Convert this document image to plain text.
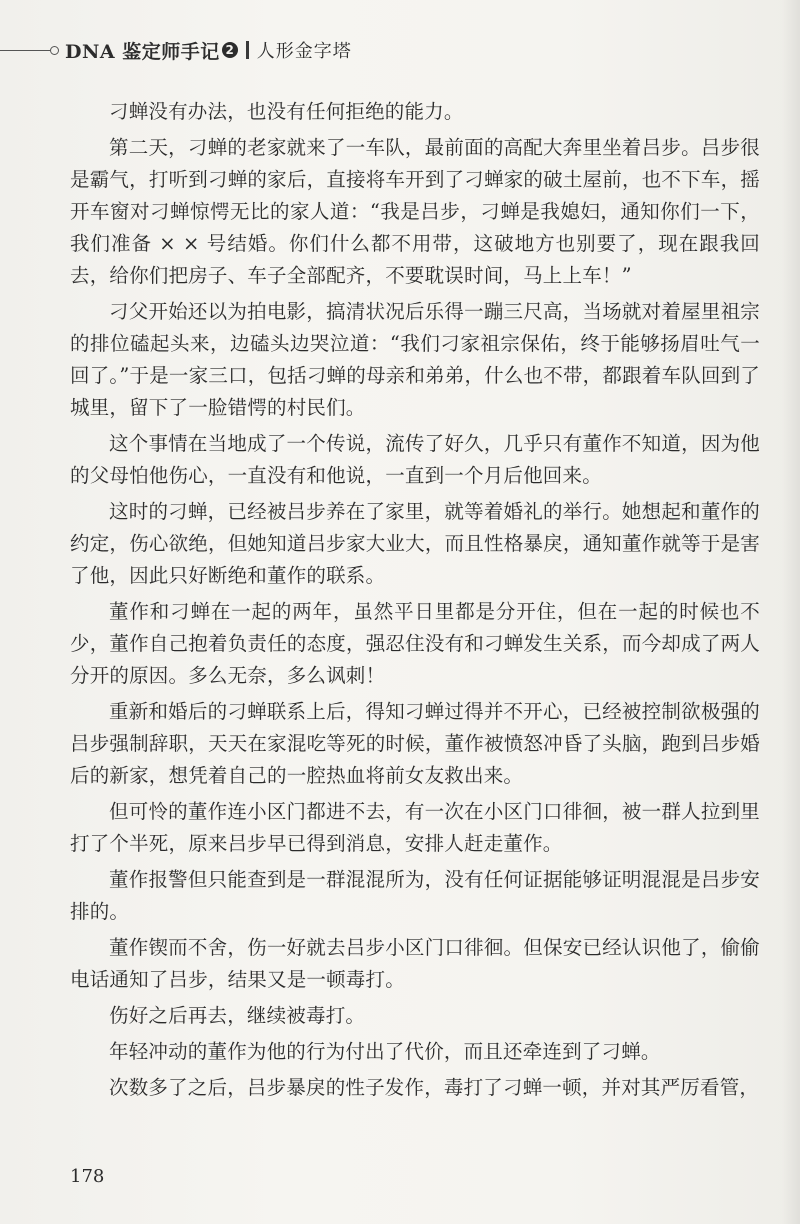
DNA 鉴定师手记 2 人形金字塔

刁蝉没有办法，也没有任何拒绝的能力。

第二天，刁蝉的老家就来了一车队，最前面的高配大奔里坐着吕步。吕步很是霸气，打听到刁蝉的家后，直接将车开到了刁蝉家的破土屋前，也不下车，摇开车窗对刁蝉惊愕无比的家人道：“我是吕步，刁蝉是我媳妇，通知你们一下，我们准备 × × 号结婚。你们什么都不用带，这破地方也别要了，现在跟我回去，给你们把房子、车子全部配齐，不要耽误时间，马上上车！”

刁父开始还以为拍电影，搞清状况后乐得一蹦三尺高，当场就对着屋里祖宗的排位磕起头来，边磕头边哭泣道：“我们刁家祖宗保佑，终于能够扬眉吐气一回了。”于是一家三口，包括刁蝉的母亲和弟弟，什么也不带，都跟着车队回到了城里，留下了一脸错愕的村民们。

这个事情在当地成了一个传说，流传了好久，几乎只有董作不知道，因为他的父母怕他伤心，一直没有和他说，一直到一个月后他回来。

这时的刁蝉，已经被吕步养在了家里，就等着婚礼的举行。她想起和董作的约定，伤心欲绝，但她知道吕步家大业大，而且性格暴戾，通知董作就等于是害了他，因此只好断绝和董作的联系。

董作和刁蝉在一起的两年，虽然平日里都是分开住，但在一起的时候也不少，董作自己抱着负责任的态度，强忍住没有和刁蝉发生关系，而今却成了两人分开的原因。多么无奈，多么讽刺！

重新和婚后的刁蝉联系上后，得知刁蝉过得并不开心，已经被控制欲极强的吕步强制辞职，天天在家混吃等死的时候，董作被愤怒冲昏了头脑，跑到吕步婚后的新家，想凭着自己的一腔热血将前女友救出来。

但可怜的董作连小区门都进不去，有一次在小区门口徘徊，被一群人拉到里打了个半死，原来吕步早已得到消息，安排人赶走董作。

董作报警但只能查到是一群混混所为，没有任何证据能够证明混混是吕步安排的。

董作锲而不舍，伤一好就去吕步小区门口徘徊。但保安已经认识他了，偷偷电话通知了吕步，结果又是一顿毒打。

伤好之后再去，继续被毒打。

年轻冲动的董作为他的行为付出了代价，而且还牵连到了刁蝉。

次数多了之后，吕步暴戾的性子发作，毒打了刁蝉一顿，并对其严厉看管，

178
